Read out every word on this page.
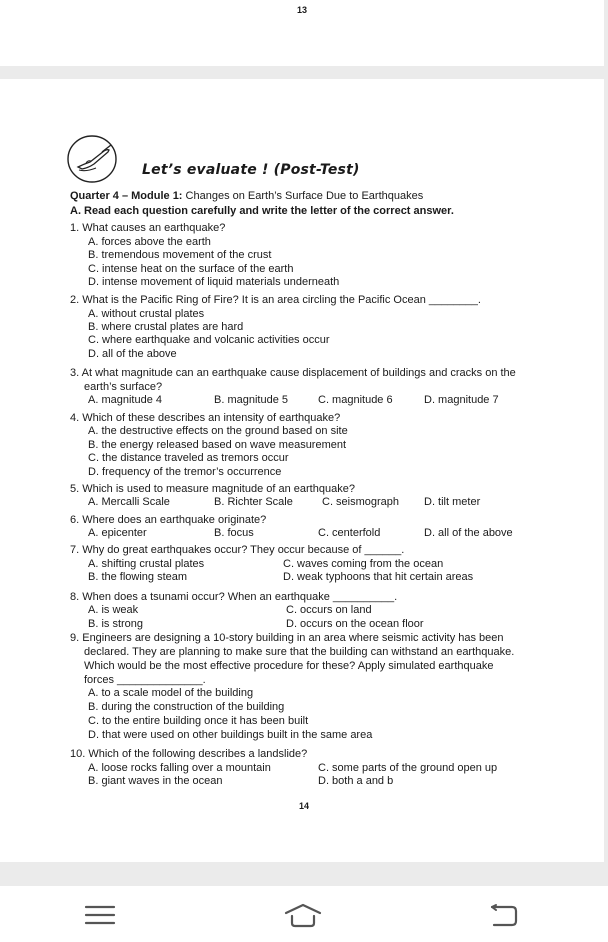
13
Let’s evaluate ! (Post-Test)
Quarter 4 – Module 1: Changes on Earth’s Surface Due to Earthquakes
A. Read each question carefully and write the letter of the correct answer.
1. What causes an earthquake?
A. forces above the earth
B. tremendous movement of the crust
C. intense heat on the surface of the earth
D. intense movement of liquid materials underneath
2. What is the Pacific Ring of Fire? It is an area circling the Pacific Ocean ________.
A. without crustal plates
B. where crustal plates are hard
C. where earthquake and volcanic activities occur
D. all of the above
3. At what magnitude can an earthquake cause displacement of buildings and cracks on the
earth’s surface?
A. magnitude 4	B. magnitude 5	C. magnitude 6	D. magnitude 7
4. Which of these describes an intensity of earthquake?
A. the destructive effects on the ground based on site
B. the energy released based on wave measurement
C. the distance traveled as tremors occur
D. frequency of the tremor’s occurrence
5. Which is used to measure magnitude of an earthquake?
A. Mercalli Scale	B. Richter Scale	C. seismograph D. tilt meter
6. Where does an earthquake originate?
A. epicenter	B. focus	C. centerfold	D. all of the above
7. Why do great earthquakes occur? They occur because of ______.
A. shifting crustal plates	C. waves coming from the ocean
B. the flowing steam	D. weak typhoons that hit certain areas
8. When does a tsunami occur? When an earthquake __________.
A. is weak	C. occurs on land
B. is strong	D. occurs on the ocean floor
9. Engineers are designing a 10-story building in an area where seismic activity has been
declared. They are planning to make sure that the building can withstand an earthquake.
Which would be the most effective procedure for these? Apply simulated earthquake
forces ______________.
A. to a scale model of the building
B. during the construction of the building
C. to the entire building once it has been built
D. that were used on other buildings built in the same area
10. Which of the following describes a landslide?
A. loose rocks falling over a mountain	C. some parts of the ground open up
B. giant waves in the ocean	D. both a and b
14
